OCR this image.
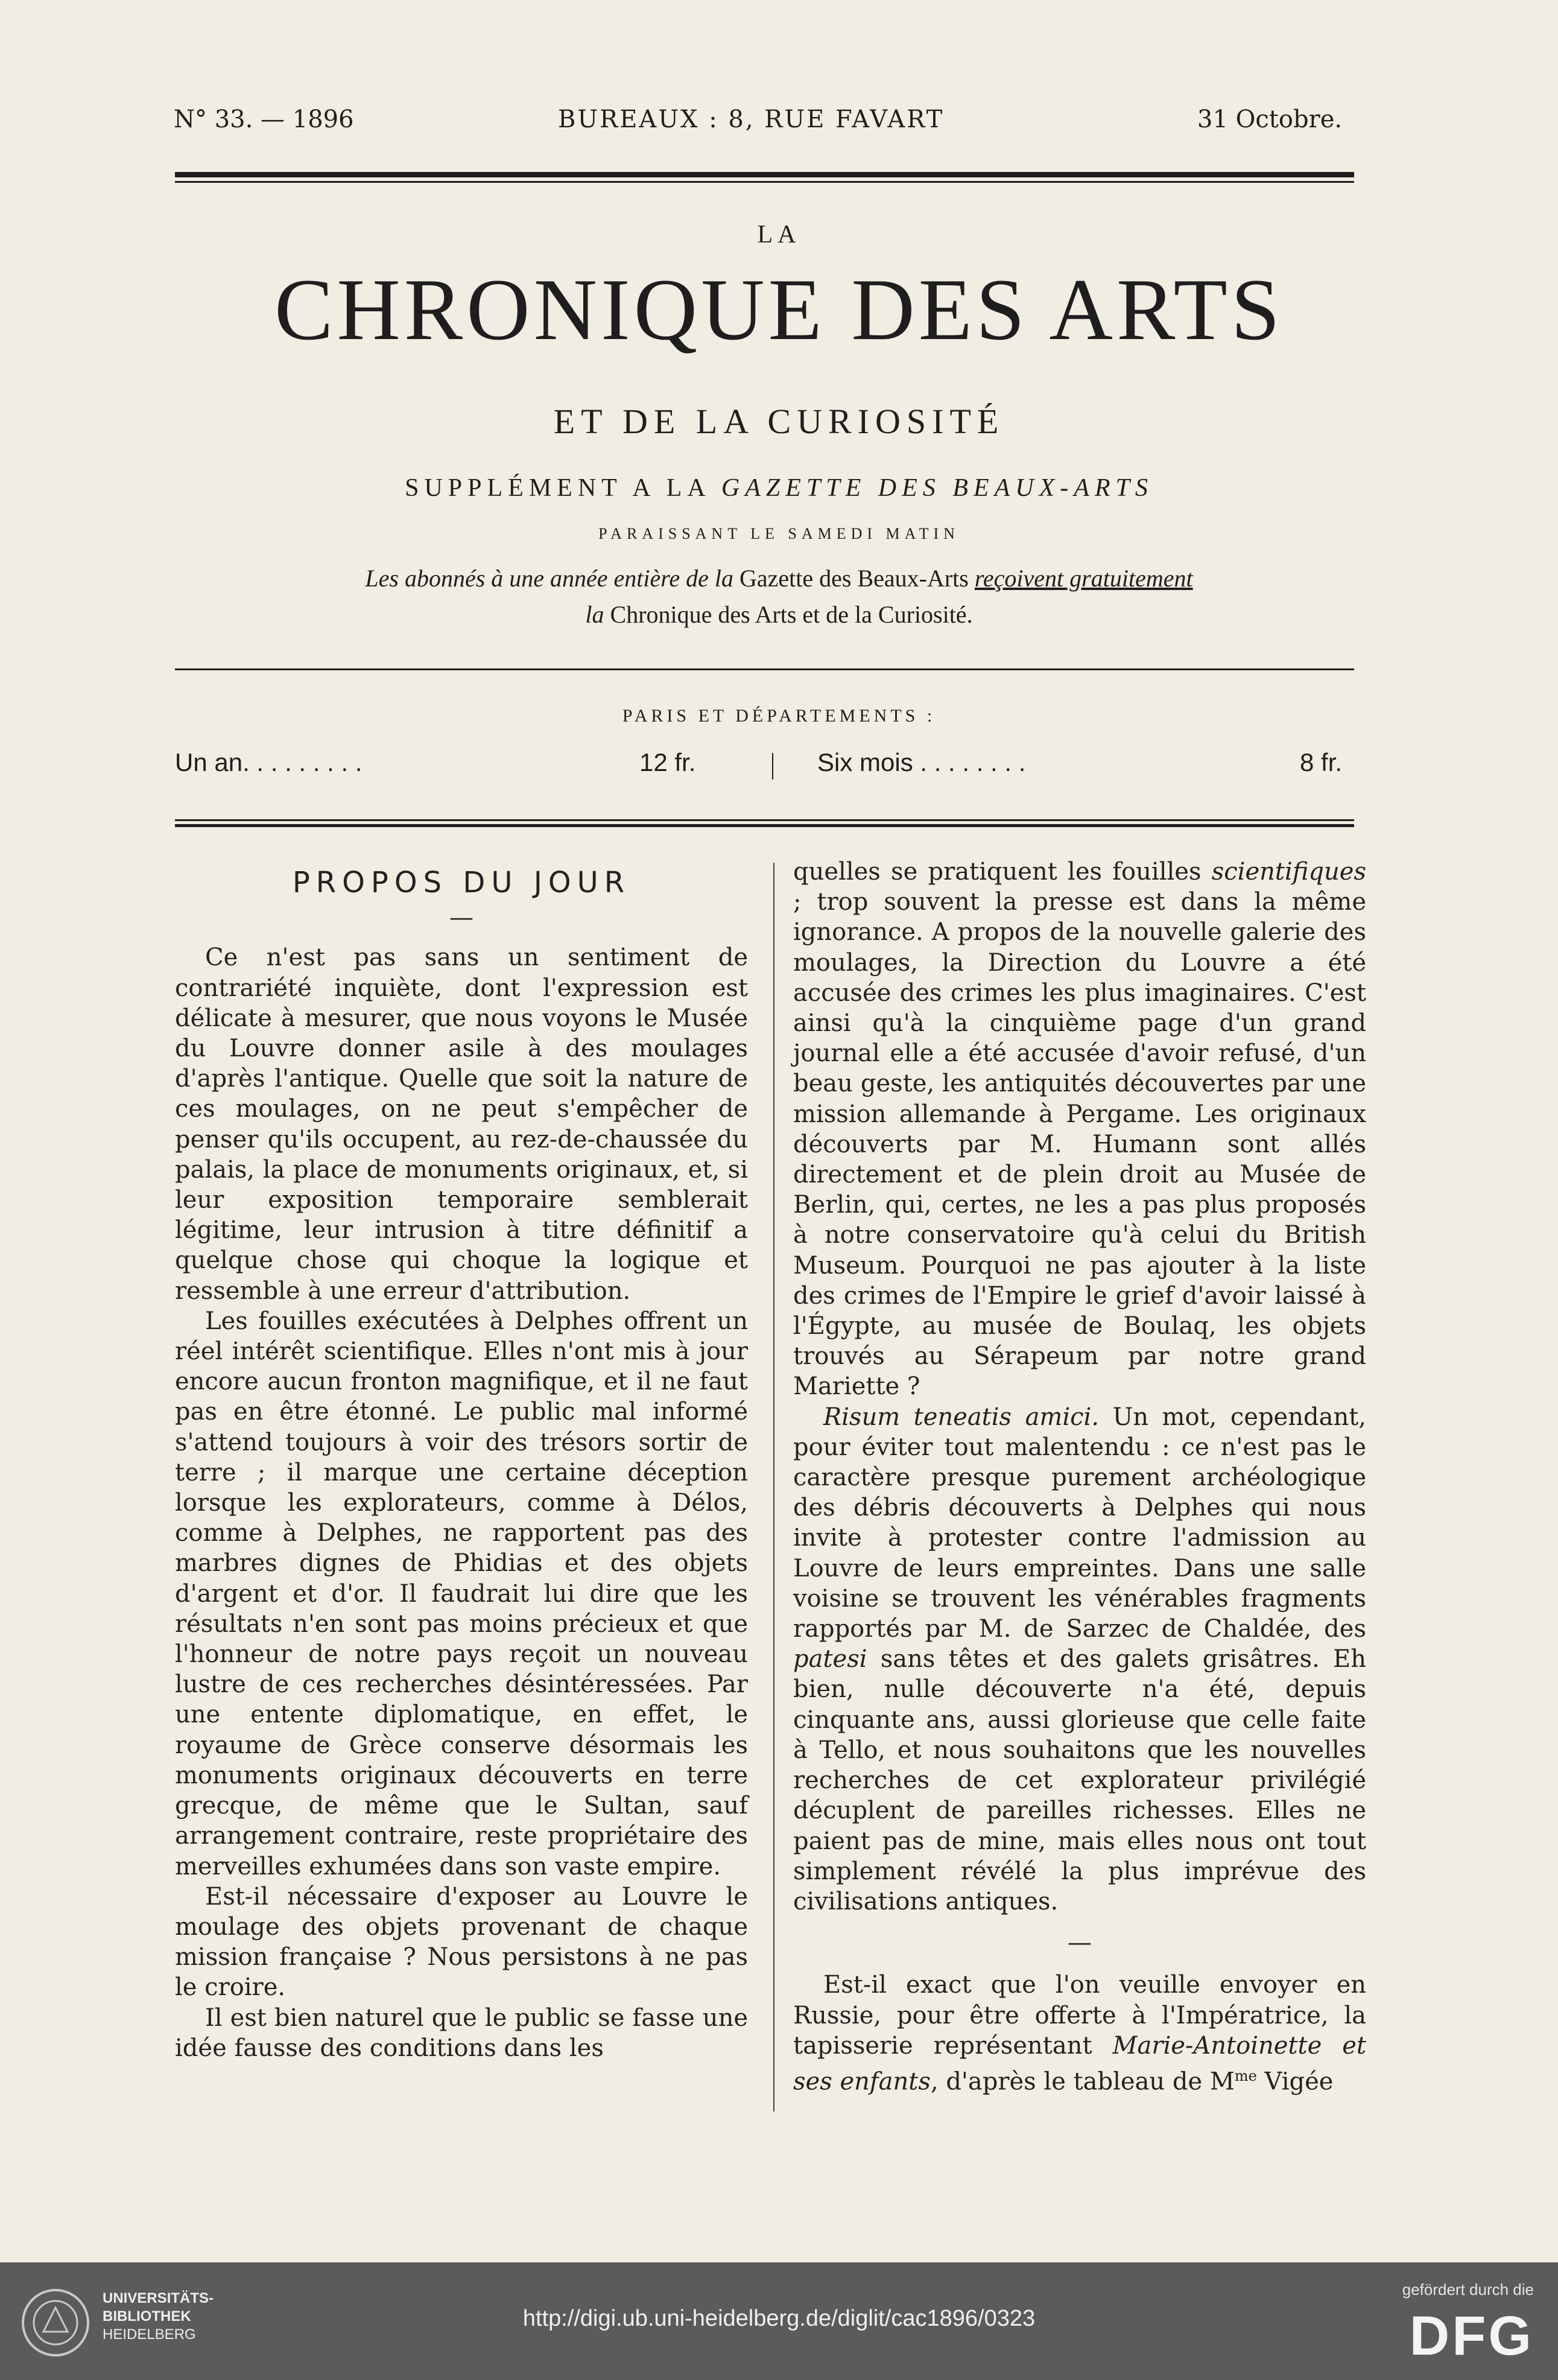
N° 33. — 1896	BUREAUX : 8, RUE FAVART	31 Octobre.
LA
CHRONIQUE DES ARTS
ET DE LA CURIOSITÉ
SUPPLÉMENT A LA GAZETTE DES BEAUX-ARTS
PARAISSANT LE SAMEDI MATIN
Les abonnés à une année entière de la Gazette des Beaux-Arts reçoivent gratuitement
la Chronique des Arts et de la Curiosité.
PARIS ET DÉPARTEMENTS :
Un an. . . . . . . . .	12 fr.	Six mois . . . . . . . .	8 fr.

PROPOS DU JOUR

—

Ce n'est pas sans un sentiment de contrariété inquiète, dont l'expression est délicate à mesurer, que nous voyons le Musée du Louvre donner asile à des moulages d'après l'antique. Quelle que soit la nature de ces moulages, on ne peut s'empêcher de penser qu'ils occupent, au rez-de-chaussée du palais, la place de monuments originaux, et, si leur exposition temporaire semblerait légitime, leur intrusion à titre définitif a quelque chose qui choque la logique et ressemble à une erreur d'attribution.

Les fouilles exécutées à Delphes offrent un réel intérêt scientifique. Elles n'ont mis à jour encore aucun fronton magnifique, et il ne faut pas en être étonné. Le public mal informé s'attend toujours à voir des trésors sortir de terre ; il marque une certaine déception lorsque les explorateurs, comme à Délos, comme à Delphes, ne rapportent pas des marbres dignes de Phidias et des objets d'argent et d'or. Il faudrait lui dire que les résultats n'en sont pas moins précieux et que l'honneur de notre pays reçoit un nouveau lustre de ces recherches désintéressées. Par une entente diplomatique, en effet, le royaume de Grèce conserve désormais les monuments originaux découverts en terre grecque, de même que le Sultan, sauf arrangement contraire, reste propriétaire des merveilles exhumées dans son vaste empire.

Est-il nécessaire d'exposer au Louvre le moulage des objets provenant de chaque mission française ? Nous persistons à ne pas le croire.

Il est bien naturel que le public se fasse une idée fausse des conditions dans les

quelles se pratiquent les fouilles scientifiques ; trop souvent la presse est dans la même ignorance. A propos de la nouvelle galerie des moulages, la Direction du Louvre a été accusée des crimes les plus imaginaires. C'est ainsi qu'à la cinquième page d'un grand journal elle a été accusée d'avoir refusé, d'un beau geste, les antiquités découvertes par une mission allemande à Pergame. Les originaux découverts par M. Humann sont allés directement et de plein droit au Musée de Berlin, qui, certes, ne les a pas plus proposés à notre conservatoire qu'à celui du British Museum. Pourquoi ne pas ajouter à la liste des crimes de l'Empire le grief d'avoir laissé à l'Égypte, au musée de Boulaq, les objets trouvés au Sérapeum par notre grand Mariette ?

Risum teneatis amici. Un mot, cependant, pour éviter tout malentendu : ce n'est pas le caractère presque purement archéologique des débris découverts à Delphes qui nous invite à protester contre l'admission au Louvre de leurs empreintes. Dans une salle voisine se trouvent les vénérables fragments rapportés par M. de Sarzec de Chaldée, des patesi sans têtes et des galets grisâtres. Eh bien, nulle découverte n'a été, depuis cinquante ans, aussi glorieuse que celle faite à Tello, et nous souhaitons que les nouvelles recherches de cet explorateur privilégié décuplent de pareilles richesses. Elles ne paient pas de mine, mais elles nous ont tout simplement révélé la plus imprévue des civilisations antiques.

—

Est-il exact que l'on veuille envoyer en Russie, pour être offerte à l'Impératrice, la tapisserie représentant Marie-Antoinette et ses enfants, d'après le tableau de $M^{me}$ Vigée

UNIVERSITÄTS-
BIBLIOTHEK
HEIDELBERG
http://digi.ub.uni-heidelberg.de/diglit/cac1896/0323
gefördert durch die
DFG
